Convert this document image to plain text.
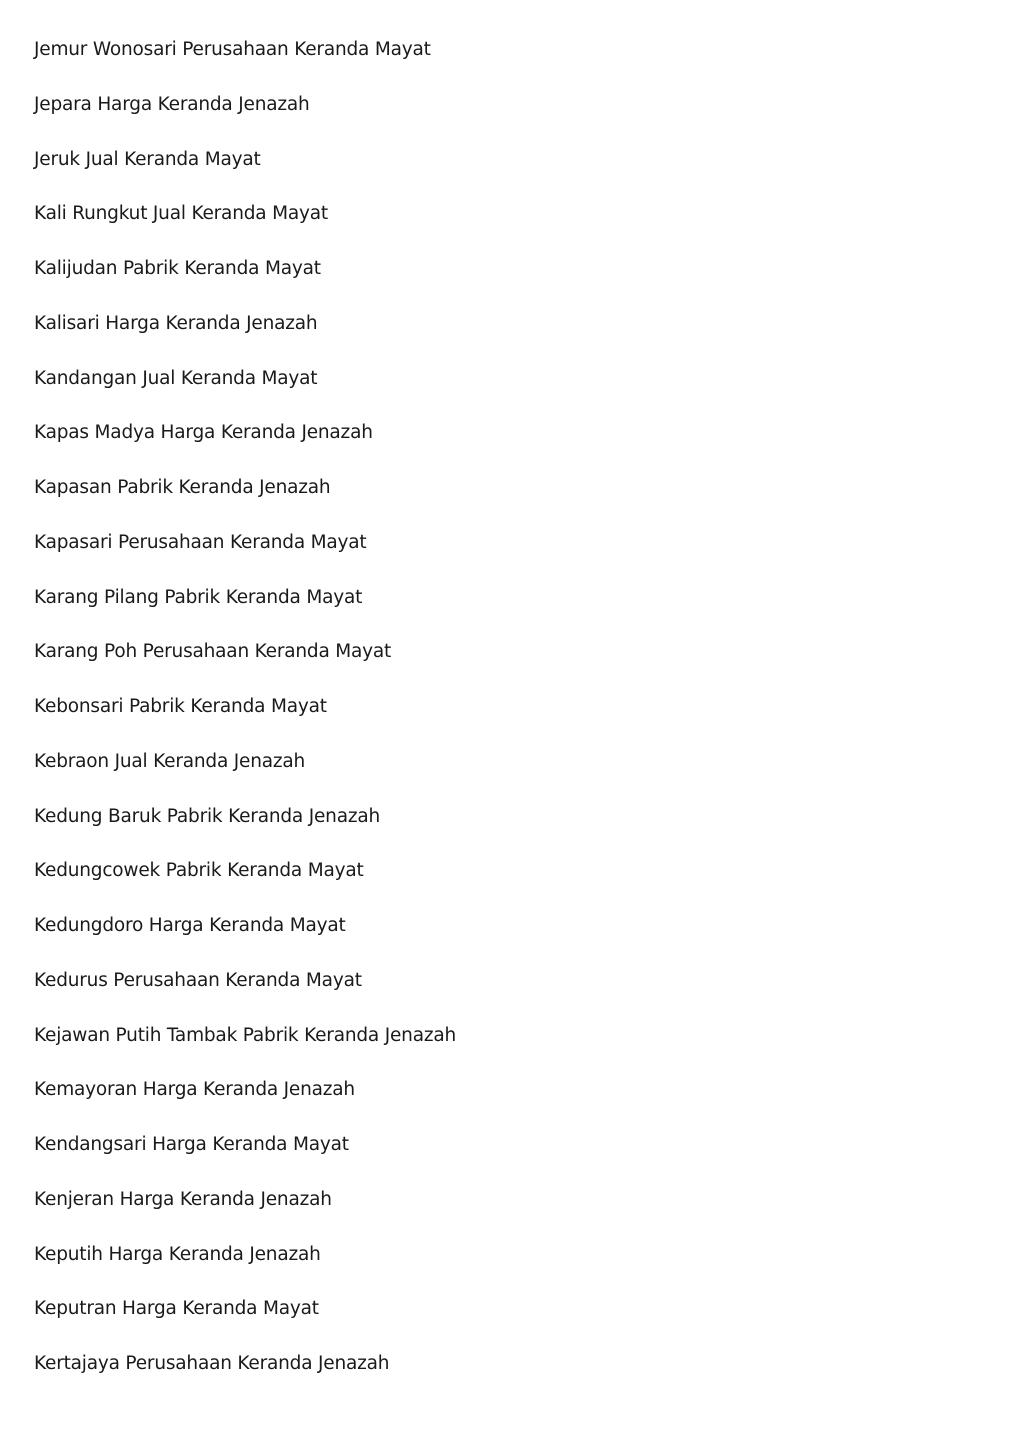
Jemur Wonosari Perusahaan Keranda Mayat
Jepara Harga Keranda Jenazah
Jeruk Jual Keranda Mayat
Kali Rungkut Jual Keranda Mayat
Kalijudan Pabrik Keranda Mayat
Kalisari Harga Keranda Jenazah
Kandangan Jual Keranda Mayat
Kapas Madya Harga Keranda Jenazah
Kapasan Pabrik Keranda Jenazah
Kapasari Perusahaan Keranda Mayat
Karang Pilang Pabrik Keranda Mayat
Karang Poh Perusahaan Keranda Mayat
Kebonsari Pabrik Keranda Mayat
Kebraon Jual Keranda Jenazah
Kedung Baruk Pabrik Keranda Jenazah
Kedungcowek Pabrik Keranda Mayat
Kedungdoro Harga Keranda Mayat
Kedurus Perusahaan Keranda Mayat
Kejawan Putih Tambak Pabrik Keranda Jenazah
Kemayoran Harga Keranda Jenazah
Kendangsari Harga Keranda Mayat
Kenjeran Harga Keranda Jenazah
Keputih Harga Keranda Jenazah
Keputran Harga Keranda Mayat
Kertajaya Perusahaan Keranda Jenazah
